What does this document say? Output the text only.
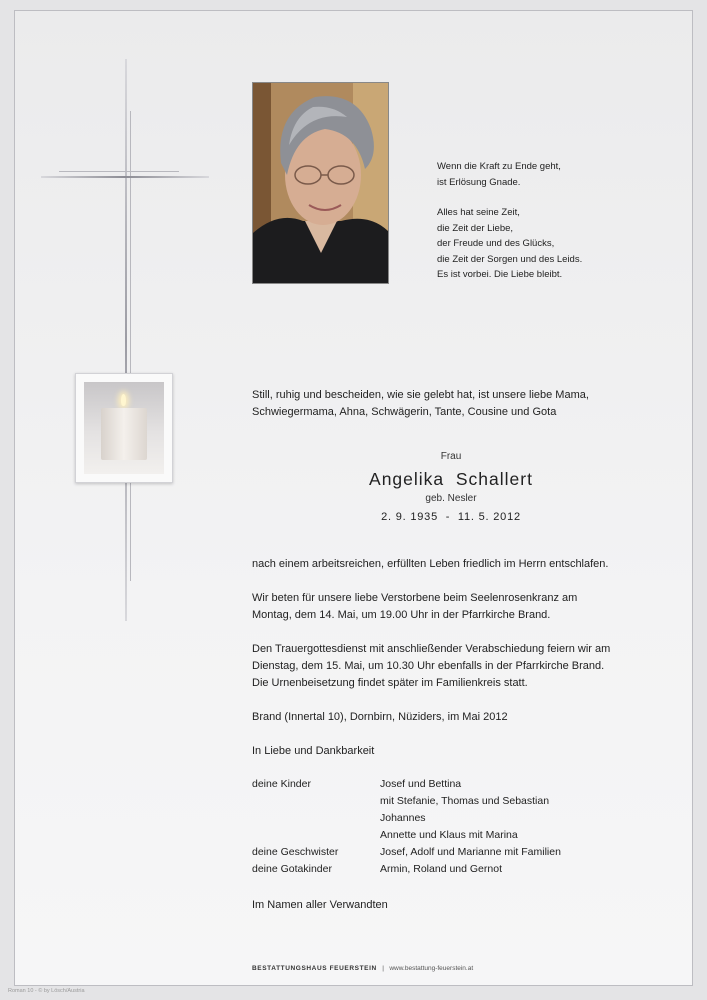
Wenn die Kraft zu Ende geht,
ist Erlösung Gnade.
Alles hat seine Zeit,
die Zeit der Liebe,
der Freude und des Glücks,
die Zeit der Sorgen und des Leids.
Es ist vorbei. Die Liebe bleibt.
Still, ruhig und bescheiden, wie sie gelebt hat, ist unsere liebe Mama,
Schwiegermama, Ahna, Schwägerin, Tante, Cousine und Gota
Frau
Angelika  Schallert
geb. Nesler
2. 9. 1935  -  11. 5. 2012
nach einem arbeitsreichen, erfüllten Leben friedlich im Herrn entschlafen.
Wir beten für unsere liebe Verstorbene beim Seelenrosenkranz am
Montag, dem 14. Mai, um 19.00 Uhr in der Pfarrkirche Brand.
Den Trauergottesdienst mit anschließender Verabschiedung feiern wir am
Dienstag, dem 15. Mai, um 10.30 Uhr ebenfalls in der Pfarrkirche Brand.
Die Urnenbeisetzung findet später im Familienkreis statt.
Brand (Innertal 10), Dornbirn, Nüziders, im Mai 2012
In Liebe und Dankbarkeit
deine Kinder	Josef und Bettina
mit Stefanie, Thomas und Sebastian
Johannes
Annette und Klaus mit Marina
deine Geschwister	Josef, Adolf und Marianne mit Familien
deine Gotakinder	Armin, Roland und Gernot
Im Namen aller Verwandten
BESTATTUNGSHAUS FEUERSTEIN | www.bestattung-feuerstein.at
Roman 10 - © by Lösch/Austria
